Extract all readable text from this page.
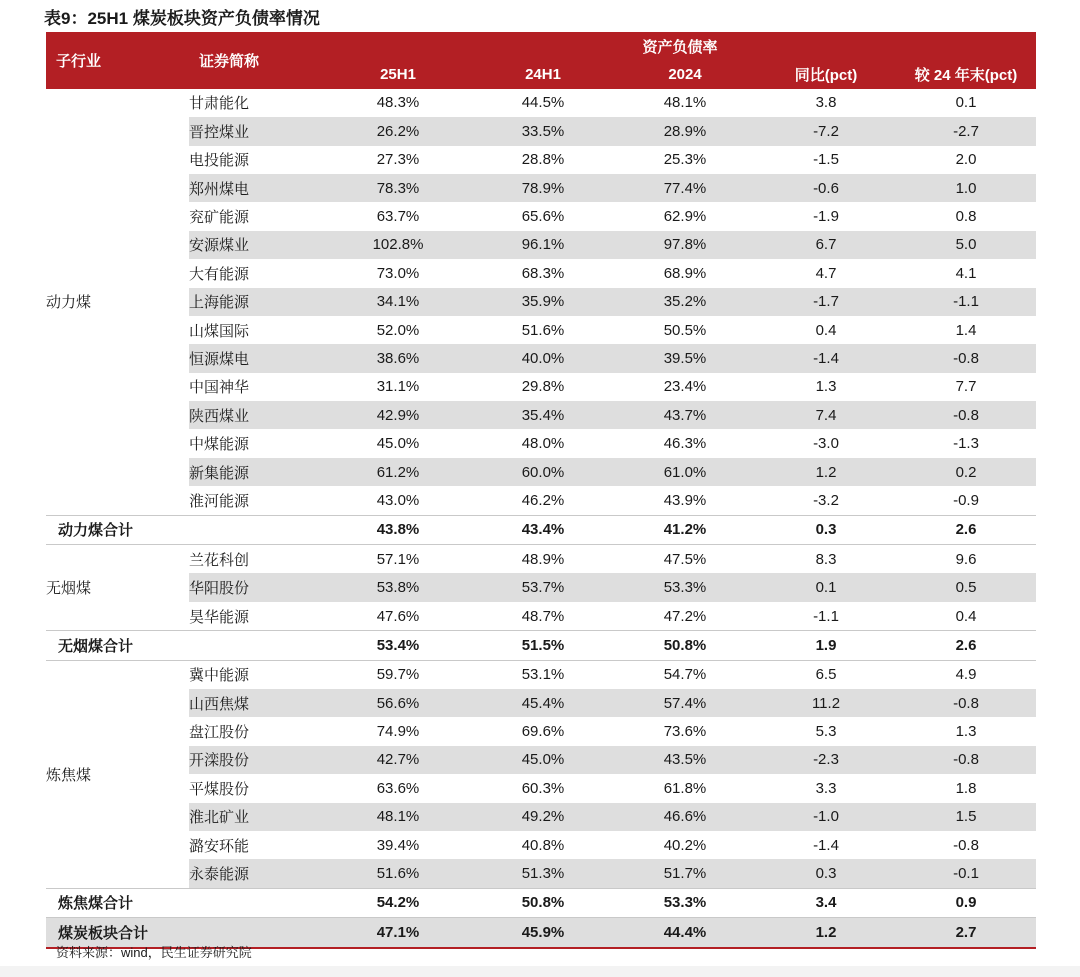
表9：25H1 煤炭板块资产负债率情况
子行业	证券简称	资产负债率				
		25H1	24H1	2024	同比(pct)	较 24 年末(pct)
动力煤	甘肃能化	48.3%	44.5%	48.1%	3.8	0.1
	晋控煤业	26.2%	33.5%	28.9%	-7.2	-2.7
	电投能源	27.3%	28.8%	25.3%	-1.5	2.0
	郑州煤电	78.3%	78.9%	77.4%	-0.6	1.0
	兖矿能源	63.7%	65.6%	62.9%	-1.9	0.8
	安源煤业	102.8%	96.1%	97.8%	6.7	5.0
	大有能源	73.0%	68.3%	68.9%	4.7	4.1
	上海能源	34.1%	35.9%	35.2%	-1.7	-1.1
	山煤国际	52.0%	51.6%	50.5%	0.4	1.4
	恒源煤电	38.6%	40.0%	39.5%	-1.4	-0.8
	中国神华	31.1%	29.8%	23.4%	1.3	7.7
	陕西煤业	42.9%	35.4%	43.7%	7.4	-0.8
	中煤能源	45.0%	48.0%	46.3%	-3.0	-1.3
	新集能源	61.2%	60.0%	61.0%	1.2	0.2
	淮河能源	43.0%	46.2%	43.9%	-3.2	-0.9
动力煤合计		43.8%	43.4%	41.2%	0.3	2.6
无烟煤	兰花科创	57.1%	48.9%	47.5%	8.3	9.6
	华阳股份	53.8%	53.7%	53.3%	0.1	0.5
	昊华能源	47.6%	48.7%	47.2%	-1.1	0.4
无烟煤合计		53.4%	51.5%	50.8%	1.9	2.6
炼焦煤	冀中能源	59.7%	53.1%	54.7%	6.5	4.9
	山西焦煤	56.6%	45.4%	57.4%	11.2	-0.8
	盘江股份	74.9%	69.6%	73.6%	5.3	1.3
	开滦股份	42.7%	45.0%	43.5%	-2.3	-0.8
	平煤股份	63.6%	60.3%	61.8%	3.3	1.8
	淮北矿业	48.1%	49.2%	46.6%	-1.0	1.5
	潞安环能	39.4%	40.8%	40.2%	-1.4	-0.8
	永泰能源	51.6%	51.3%	51.7%	0.3	-0.1
炼焦煤合计		54.2%	50.8%	53.3%	3.4	0.9
煤炭板块合计		47.1%	45.9%	44.4%	1.2	2.7
资料来源：wind，民生证券研究院
